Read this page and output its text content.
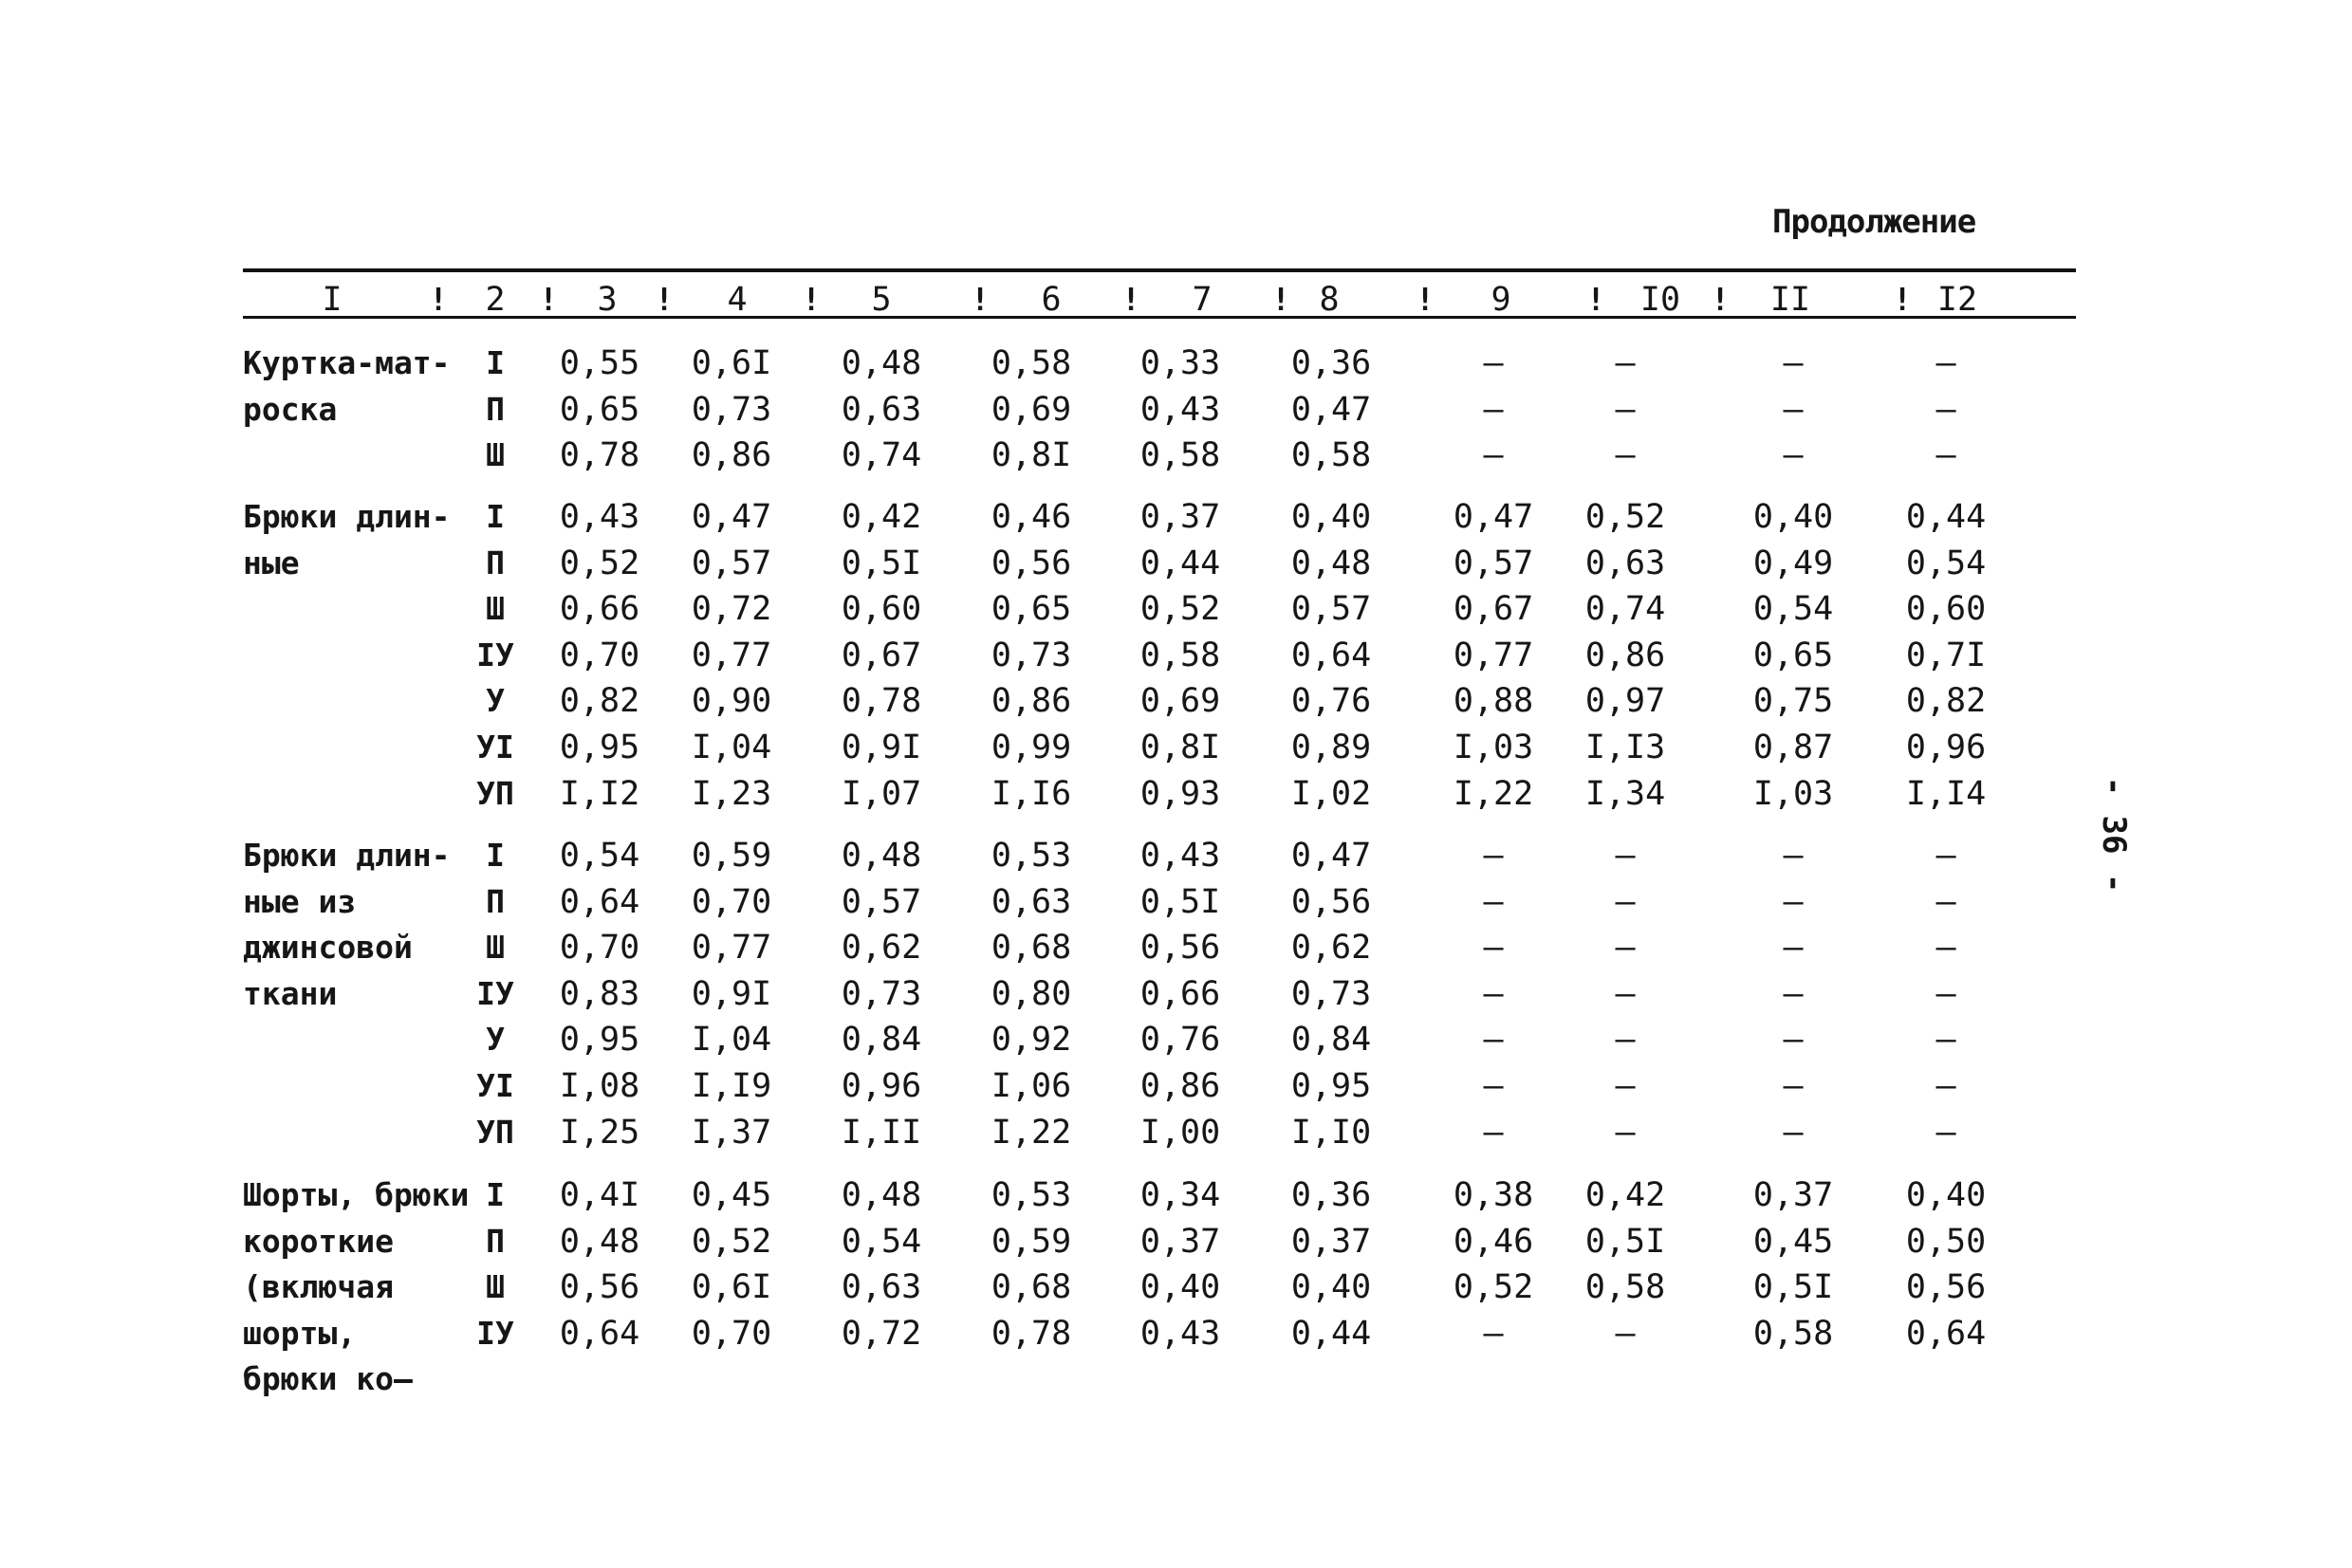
Продолжение
I	2	3	4	5	6	7	8	9	I0	II	I2
!	!	!	!	!	!	!	!	!	!	!
Куртка-мат-
роска
I 0,55 0,6I 0,48 0,58 0,33 0,36	–	–	–	–
П 0,65 0,73 0,63 0,69 0,43 0,47	–	–	–	–
Ш 0,78 0,86 0,74 0,8I 0,58 0,58	–	–	–	–
Брюки длин-
ные
I 0,43 0,47 0,42 0,46 0,37 0,40 0,47 0,52	0,40 0,44
П 0,52 0,57 0,5I 0,56 0,44 0,48 0,57 0,63	0,49 0,54
Ш 0,66 0,72 0,60 0,65 0,52 0,57 0,67 0,74	0,54 0,60
IУ 0,70 0,77 0,67 0,73 0,58 0,64 0,77 0,86	0,65 0,7I
У 0,82 0,90 0,78 0,86 0,69 0,76 0,88 0,97	0,75 0,82
УI 0,95 I,04 0,9I 0,99 0,8I 0,89 I,03 I,I3	0,87 0,96
УП I,I2 I,23 I,07 I,I6 0,93 I,02 I,22 I,34	I,03 I,I4
Брюки длин-
ные из
джинсовой
ткани
I 0,54 0,59 0,48 0,53 0,43 0,47	–	–	–	–
П 0,64 0,70 0,57 0,63 0,5I 0,56	–	–	–	–
Ш 0,70 0,77 0,62 0,68 0,56 0,62	–	–	–	–
IУ 0,83 0,9I 0,73 0,80 0,66 0,73	–	–	–	–
У 0,95 I,04 0,84 0,92 0,76 0,84	–	–	–	–
УI I,08 I,I9 0,96 I,06 0,86 0,95	–	–	–	–
УП I,25 I,37 I,II I,22 I,00 I,I0	–	–	—	–
Шорты, брюки
короткие
(включая
шорты,
брюки ко–
I 0,4I 0,45 0,48 0,53 0,34 0,36 0,38 0,42	0,37 0,40
П 0,48 0,52 0,54 0,59 0,37 0,37 0,46 0,5I	0,45 0,50
Ш 0,56 0,6I 0,63 0,68 0,40 0,40 0,52 0,58	0,5I 0,56
IУ 0,64 0,70 0,72 0,78 0,43 0,44	–	–	0,58 0,64
- 36 -
